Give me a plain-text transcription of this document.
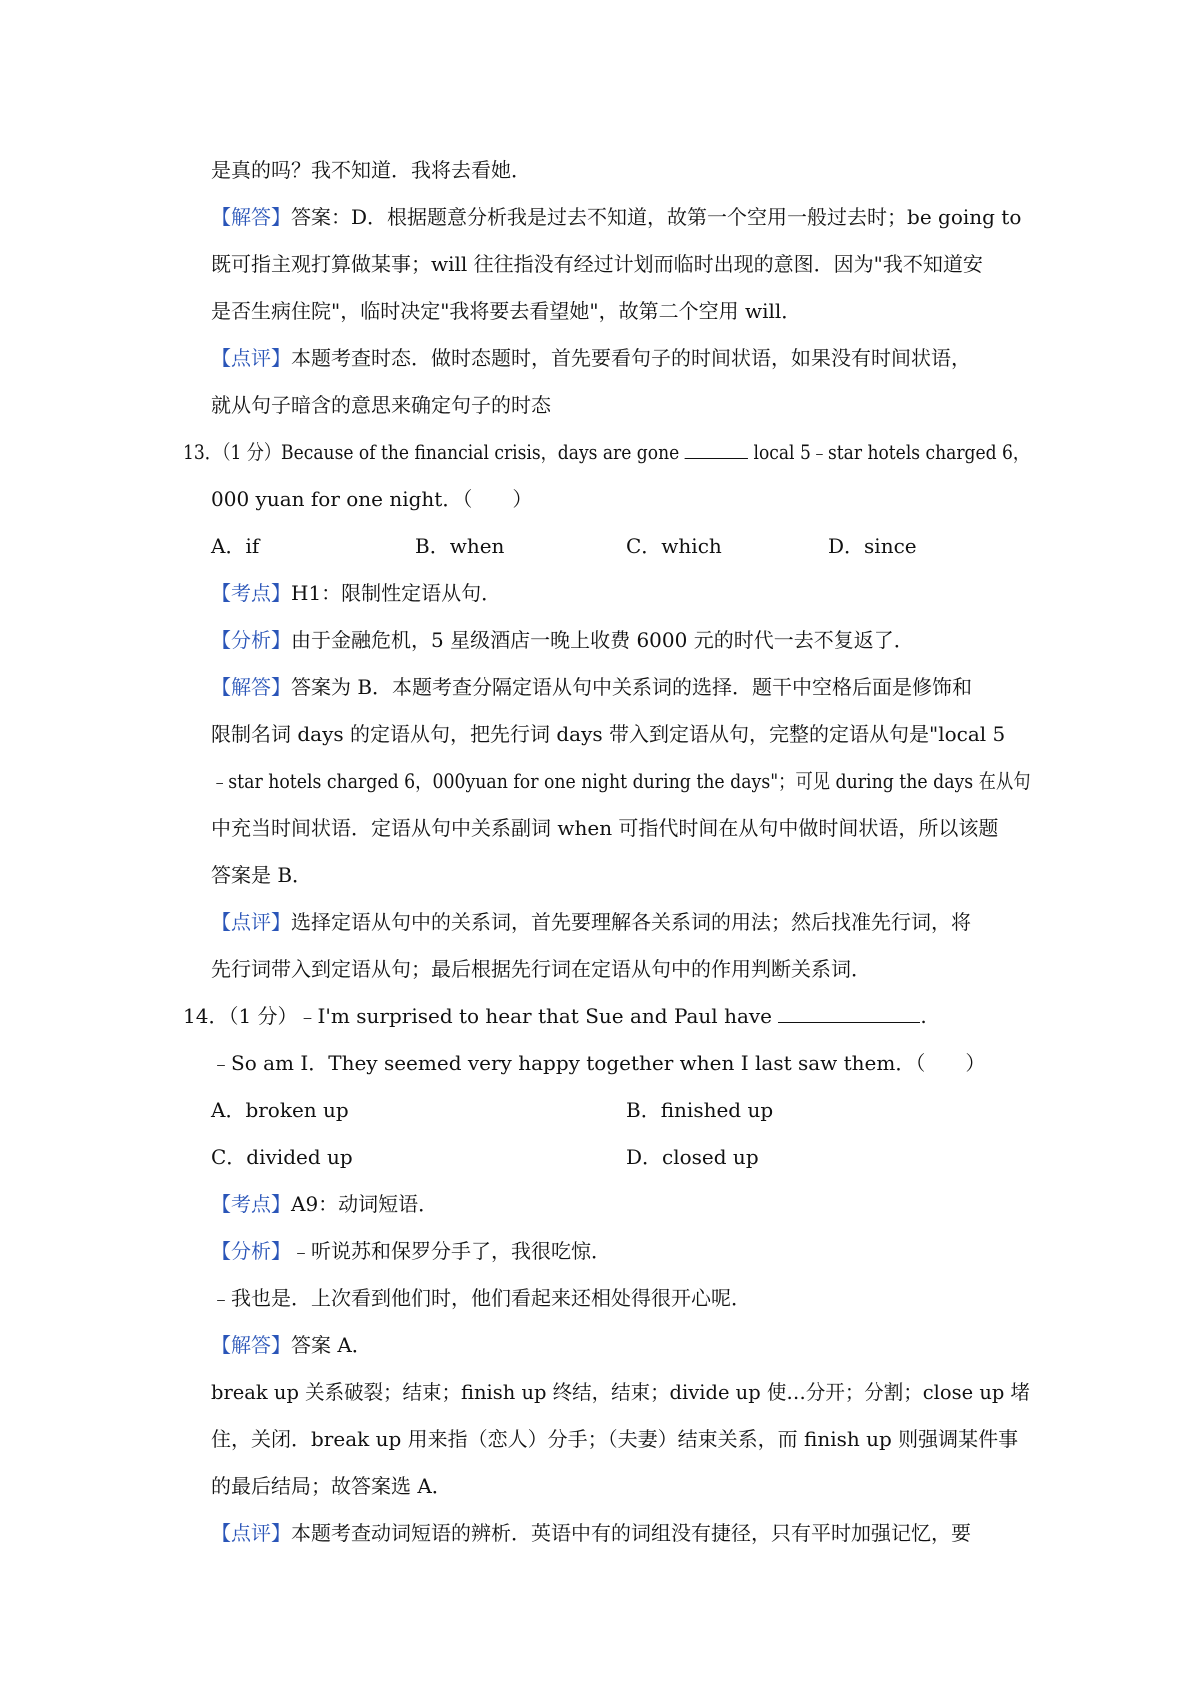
是真的吗？我不知道．我将去看她．
【解答】答案：D．根据题意分析我是过去不知道，故第一个空用一般过去时；be going to
既可指主观打算做某事；will 往往指没有经过计划而临时出现的意图．因为"我不知道安
是否生病住院"，临时决定"我将要去看望她"，故第二个空用 will．
【点评】本题考查时态．做时态题时，首先要看句子的时间状语，如果没有时间状语，
就从句子暗含的意思来确定句子的时态
13．（1 分）Because of the financial crisis，days are gone	local 5﹣star hotels charged 6，
000 yuan for one night．（　　）
A．if	B．when	C．which	D．since
【考点】H1：限制性定语从句．
【分析】由于金融危机，5 星级酒店一晚上收费 6000 元的时代一去不复返了．
【解答】答案为 B．本题考查分隔定语从句中关系词的选择．题干中空格后面是修饰和
限制名词 days 的定语从句，把先行词 days 带入到定语从句，完整的定语从句是"local 5
﹣star hotels charged 6，000yuan for one night during the days"；可见 during the days 在从句
中充当时间状语．定语从句中关系副词 when 可指代时间在从句中做时间状语，所以该题
答案是 B．
【点评】选择定语从句中的关系词，首先要理解各关系词的用法；然后找准先行词，将
先行词带入到定语从句；最后根据先行词在定语从句中的作用判断关系词．
14．（1 分）﹣I'm surprised to hear that Sue and Paul have	.
﹣So am I．They seemed very happy together when I last saw them．（　　）
A．broken up	B．finished up
C．divided up	D．closed up
【考点】A9：动词短语．
【分析】﹣听说苏和保罗分手了，我很吃惊．
﹣我也是．上次看到他们时，他们看起来还相处得很开心呢．
【解答】答案 A．
break up 关系破裂；结束；finish up 终结，结束；divide up 使…分开；分割；close up 堵
住，关闭．break up 用来指（恋人）分手；（夫妻）结束关系，而 finish up 则强调某件事
的最后结局；故答案选 A．
【点评】本题考查动词短语的辨析．英语中有的词组没有捷径，只有平时加强记忆，要
